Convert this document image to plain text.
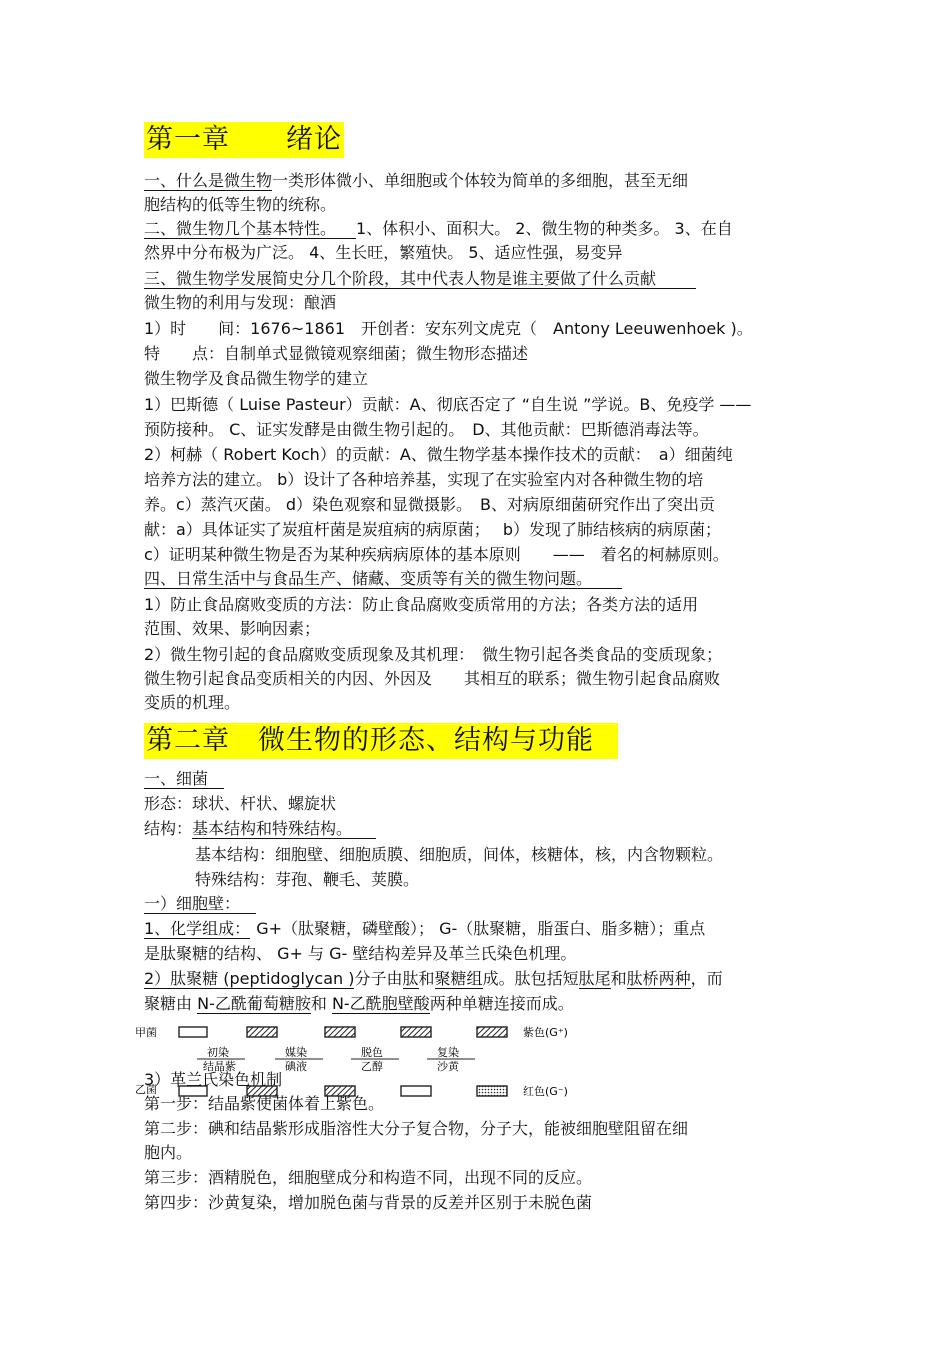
第一章　　绪论
一、什么是微生物一类形体微小、单细胞或个体较为简单的多细胞，甚至无细
胞结构的低等生物的统称。
二、微生物几个基本特性。 1、体积小、面积大。 2、微生物的种类多。 3、在自
然界中分布极为广泛。 4、生长旺，繁殖快。 5、适应性强，易变异
三、微生物学发展简史分几个阶段，其中代表人物是谁主要做了什么贡献
微生物的利用与发现：酿酒
1）时　　间：1676~1861　开创者：安东列文虎克（　Antony Leeuwenhoek )。
特　　点：自制单式显微镜观察细菌；微生物形态描述
微生物学及食品微生物学的建立
1）巴斯德（ Luise Pasteur）贡献：A、彻底否定了 “自生说 ”学说。B、免疫学 ——
预防接种。 C、证实发酵是由微生物引起的。　D、其他贡献：巴斯德消毒法等。
2）柯赫（ Robert Koch）的贡献：A、微生物学基本操作技术的贡献：　a）细菌纯
培养方法的建立。 b）设计了各种培养基，实现了在实验室内对各种微生物的培
养。c）蒸汽灭菌。 d）染色观察和显微摄影。　B、对病原细菌研究作出了突出贡
献：a）具体证实了炭疽杆菌是炭疽病的病原菌；　 b）发现了肺结核病的病原菌；
c）证明某种微生物是否为某种疾病病原体的基本原则　　——　着名的柯赫原则。
四、日常生活中与食品生产、储藏、变质等有关的微生物问题。
1）防止食品腐败变质的方法：防止食品腐败变质常用的方法；各类方法的适用
范围、效果、影响因素；
2）微生物引起的食品腐败变质现象及其机理：　微生物引起各类食品的变质现象；
微生物引起食品变质相关的内因、外因及　　其相互的联系；微生物引起食品腐败
变质的机理。
第二章　微生物的形态、结构与功能
一、细菌
形态：球状、杆状、螺旋状
结构：基本结构和特殊结构。
基本结构：细胞壁、细胞质膜、细胞质，间体，核糖体，核，内含物颗粒。
特殊结构：芽孢、鞭毛、荚膜。
一）细胞壁：
1、化学组成： G+（肽聚糖，磷壁酸）； G-（肽聚糖，脂蛋白、脂多糖）；重点
是肽聚糖的结构、 G+ 与 G- 壁结构差异及革兰氏染色机理。
2）肽聚糖 (peptidoglycan )分子由肽和聚糖组成。肽包括短肽尾和肽桥两种，而
聚糖由 N-乙酰葡萄糖胺和 N-乙酰胞壁酸两种单糖连接而成。
甲菌
乙菌
紫色(G⁺)
初染
结晶紫
媒染
碘液
脱色
乙醇
复染
沙黄
红色(G⁻)
3）革兰氏染色机制
第一步：结晶紫使菌体着上紫色。
第二步：碘和结晶紫形成脂溶性大分子复合物，分子大，能被细胞壁阻留在细
胞内。
第三步：酒精脱色，细胞壁成分和构造不同，出现不同的反应。
第四步：沙黄复染，增加脱色菌与背景的反差并区别于未脱色菌
